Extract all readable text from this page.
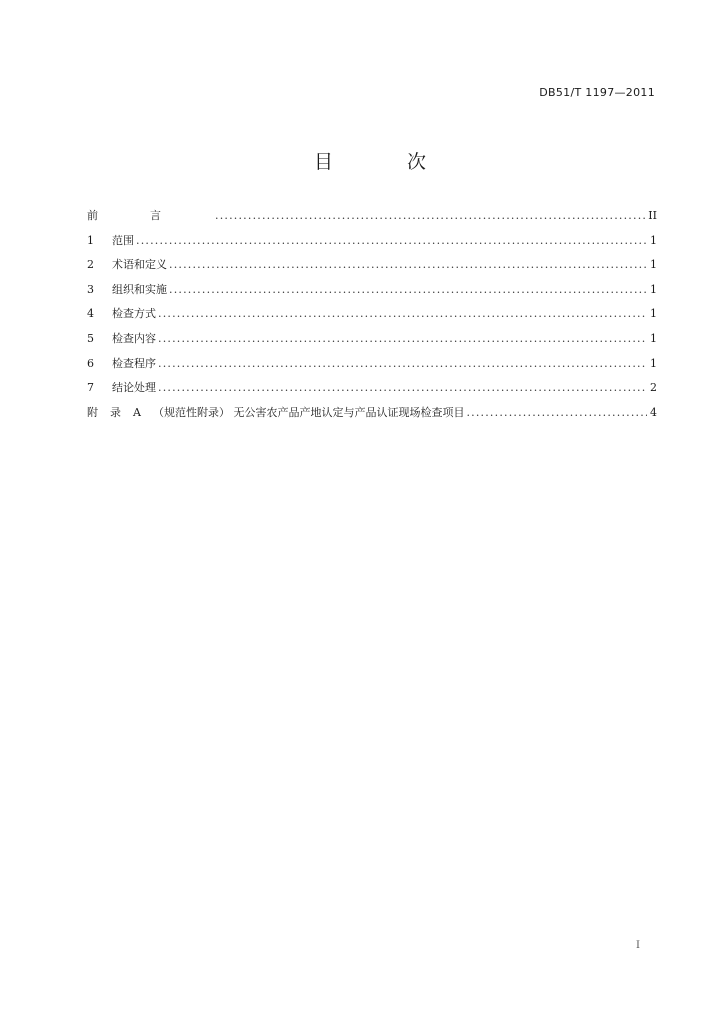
DB51/T 1197—2011
目	次
前言 .....	II
1	范围 .....	1
2	术语和定义 .....	1
3	组织和实施 .....	1
4	检查方式 .....	1
5	检查内容 .....	1
6	检查程序 .....	1
7	结论处理 .....	2
附 录 A	（规范性附录） 无公害农产品产地认定与产品认证现场检查项目 .....	4
I
